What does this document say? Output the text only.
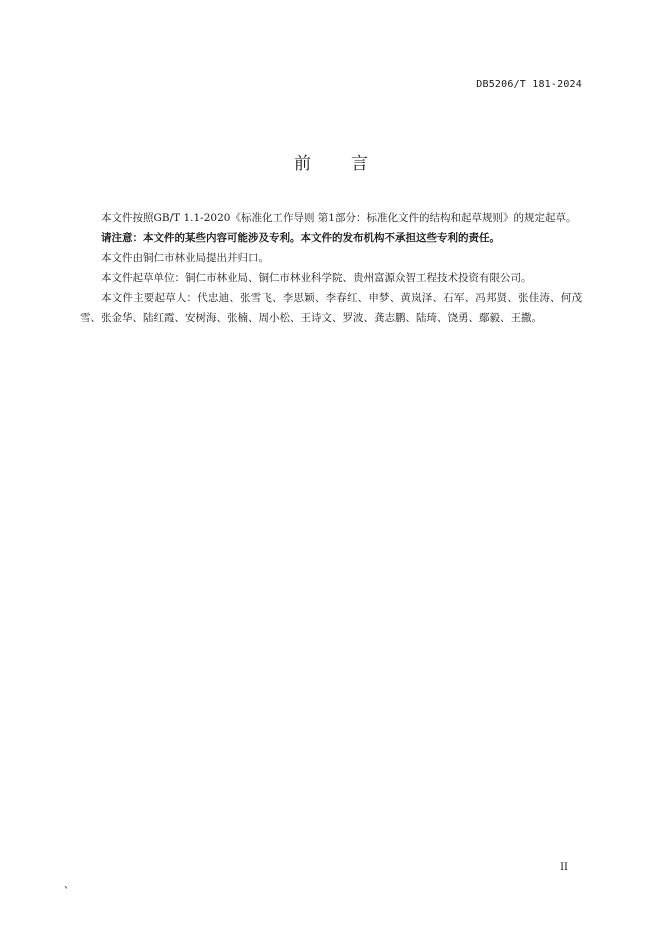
DB5206/T 181-2024
前言

本文件按照GB/T 1.1-2020《标准化工作导则 第1部分：标准化文件的结构和起草规则》的规定起草。

请注意：本文件的某些内容可能涉及专利。本文件的发布机构不承担这些专利的责任。

本文件由铜仁市林业局提出并归口。

本文件起草单位：铜仁市林业局、铜仁市林业科学院、贵州富源众智工程技术投资有限公司。

本文件主要起草人：代忠迪、张雪飞、李思颖、李春红、申梦、黄岚泽、石军、冯邦贤、张佳涛、何茂雪、张金华、陆红霞、安树海、张楠、周小松、王诗文、罗波、龚志鹏、陆琦、饶勇、鄢毅、王撒。

II
、
